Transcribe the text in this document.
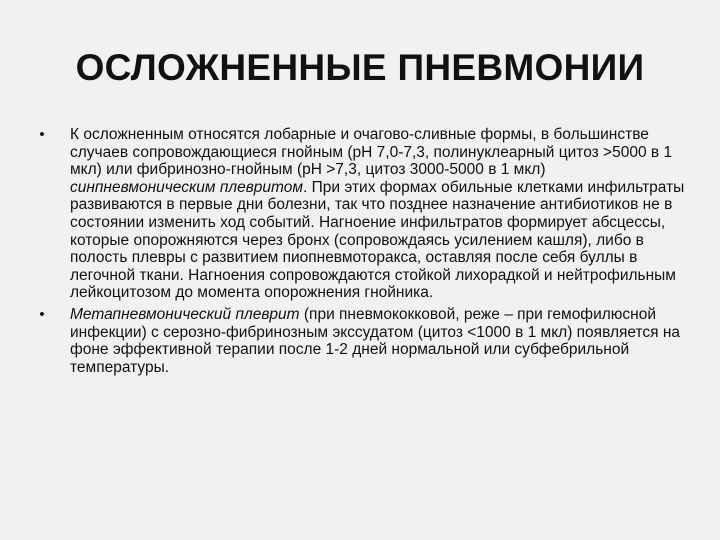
ОСЛОЖНЕННЫЕ ПНЕВМОНИИ
• К осложненным относятся лобарные и очагово-сливные формы, в большинстве случаев сопровождающиеся гнойным (рН 7,0-7,3, полинуклеарный цитоз >5000 в 1 мкл) или фибринозно-гнойным (рН >7,3, цитоз 3000-5000 в 1 мкл) синпневмоническим плевритом. При этих формах обильные клетками инфильтраты развиваются в первые дни болезни, так что позднее назначение антибиотиков не в состоянии изменить ход событий. Нагноение инфильтратов формирует абсцессы, которые опорожняются через бронх (сопровождаясь усилением кашля), либо в полость плевры с развитием пиопневмоторакса, оставляя после себя буллы в легочной ткани. Нагноения сопровождаются стойкой лихорадкой и нейтрофильным лейкоцитозом до момента опорожнения гнойника.
• Метапневмонический плеврит (при пневмококковой, реже – при гемофилюсной инфекции) с серозно-фибринозным экссудатом (цитоз <1000 в 1 мкл) появляется на фоне эффективной терапии после 1-2 дней нормальной или субфебрильной температуры.
